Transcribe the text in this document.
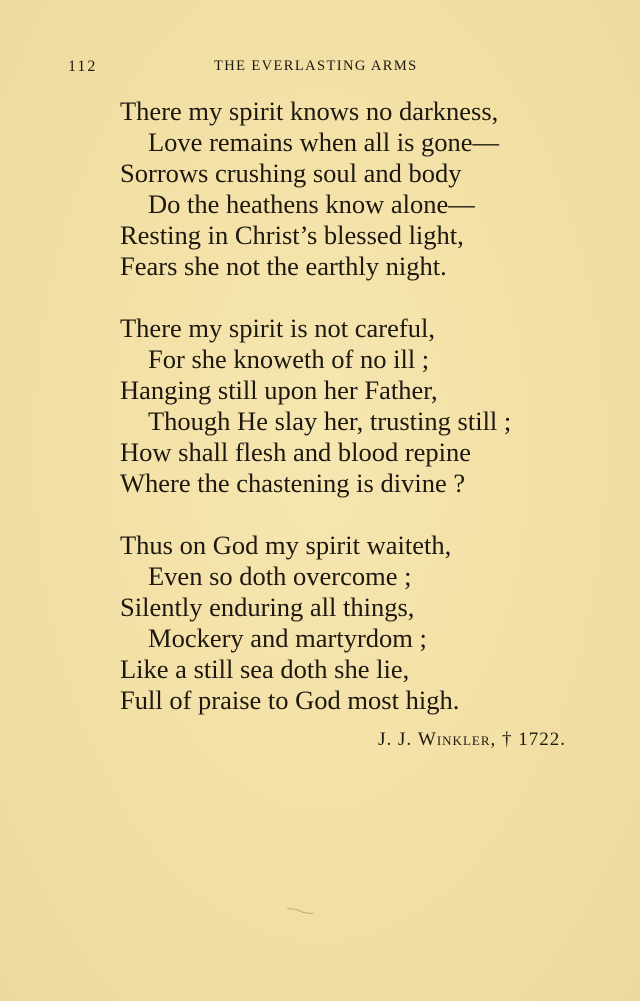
112	THE EVERLASTING ARMS
There my spirit knows no darkness,
Love remains when all is gone—
Sorrows crushing soul and body
Do the heathens know alone—
Resting in Christ’s blessed light,
Fears she not the earthly night.
There my spirit is not careful,
For she knoweth of no ill ;
Hanging still upon her Father,
Though He slay her, trusting still ;
How shall flesh and blood repine
Where the chastening is divine ?
Thus on God my spirit waiteth,
Even so doth overcome ;
Silently enduring all things,
Mockery and martyrdom ;
Like a still sea doth she lie,
Full of praise to God most high.
J. J. Winkler, † 1722.
